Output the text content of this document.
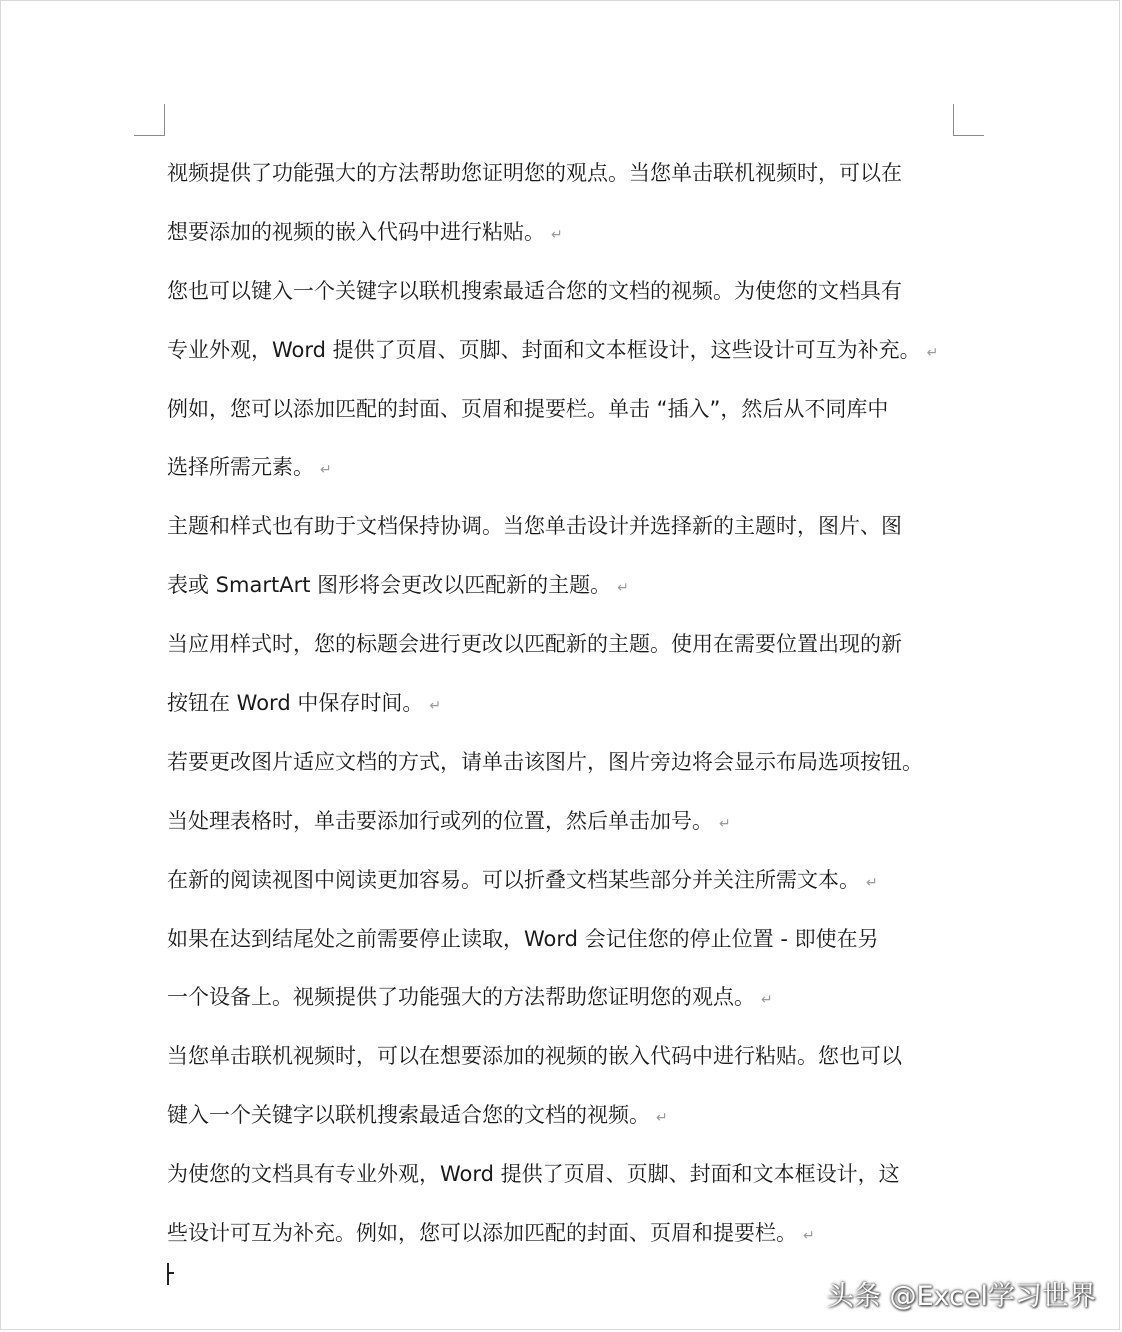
视频提供了功能强大的方法帮助您证明您的观点。当您单击联机视频时，可以在
想要添加的视频的嵌入代码中进行粘贴。 ↵
您也可以键入一个关键字以联机搜索最适合您的文档的视频。为使您的文档具有
专业外观，Word 提供了页眉、页脚、封面和文本框设计，这些设计可互为补充。 ↵
例如，您可以添加匹配的封面、页眉和提要栏。单击 “插入”，然后从不同库中
选择所需元素。 ↵
主题和样式也有助于文档保持协调。当您单击设计并选择新的主题时，图片、图
表或 SmartArt 图形将会更改以匹配新的主题。 ↵
当应用样式时，您的标题会进行更改以匹配新的主题。使用在需要位置出现的新
按钮在 Word 中保存时间。 ↵
若要更改图片适应文档的方式，请单击该图片，图片旁边将会显示布局选项按钮。
当处理表格时，单击要添加行或列的位置，然后单击加号。 ↵
在新的阅读视图中阅读更加容易。可以折叠文档某些部分并关注所需文本。 ↵
如果在达到结尾处之前需要停止读取，Word 会记住您的停止位置 - 即使在另
一个设备上。视频提供了功能强大的方法帮助您证明您的观点。 ↵
当您单击联机视频时，可以在想要添加的视频的嵌入代码中进行粘贴。您也可以
键入一个关键字以联机搜索最适合您的文档的视频。 ↵
为使您的文档具有专业外观，Word 提供了页眉、页脚、封面和文本框设计，这
些设计可互为补充。例如，您可以添加匹配的封面、页眉和提要栏。 ↵
头条 @Excel学习世界
